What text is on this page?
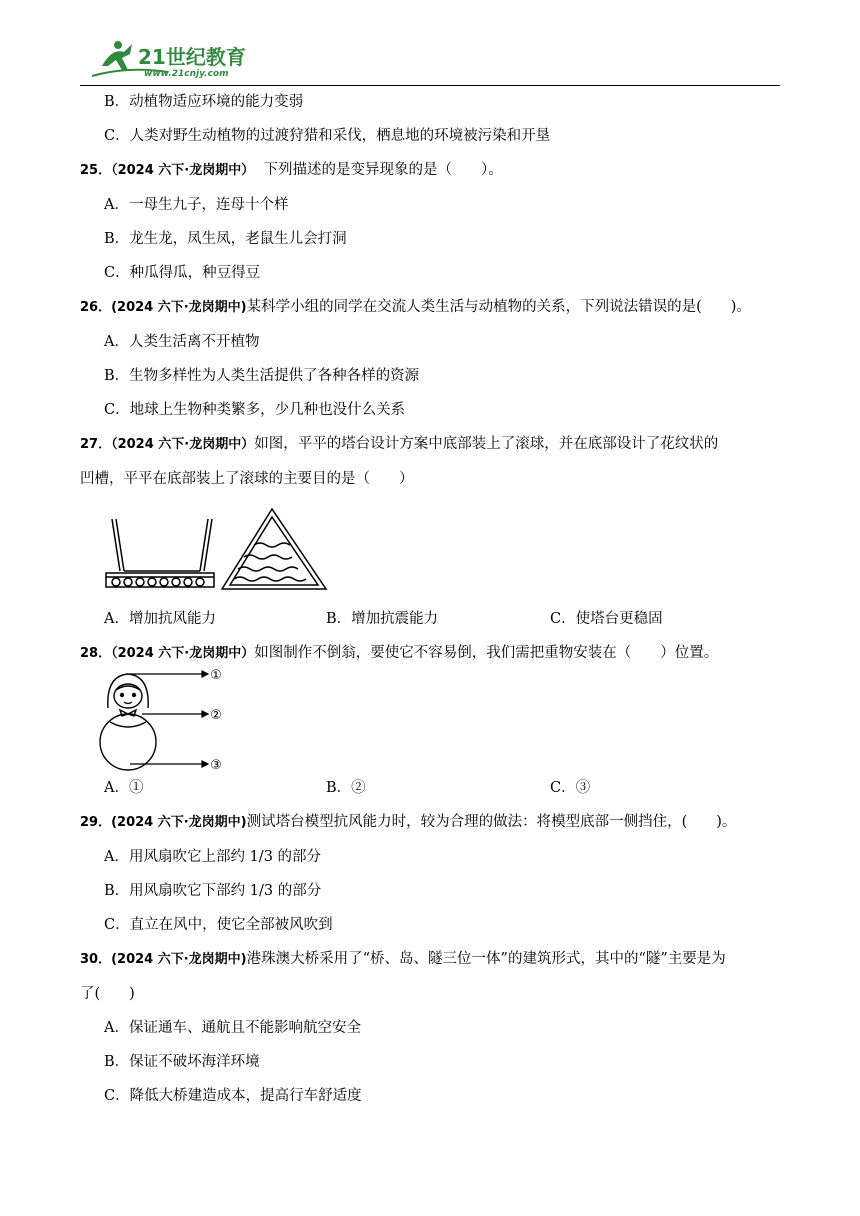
21世纪教育
www.21cnjy.com
B．动植物适应环境的能力变弱
C．人类对野生动植物的过渡狩猎和采伐，栖息地的环境被污染和开垦
25．（2024 六下·龙岗期中） 下列描述的是变异现象的是（　　）。
A．一母生九子，连母十个样
B．龙生龙，凤生凤，老鼠生儿会打洞
C．种瓜得瓜，种豆得豆
26．(2024 六下·龙岗期中)某科学小组的同学在交流人类生活与动植物的关系，下列说法错误的是(　　)。
A．人类生活离不开植物
B．生物多样性为人类生活提供了各种各样的资源
C．地球上生物种类繁多，少几种也没什么关系
27．（2024 六下·龙岗期中）如图，平平的塔台设计方案中底部装上了滚球，并在底部设计了花纹状的
凹槽，平平在底部装上了滚球的主要目的是（　　）
A．增加抗风能力	B．增加抗震能力	C．使塔台更稳固
28．（2024 六下·龙岗期中）如图制作不倒翁，要使它不容易倒，我们需把重物安装在（　　）位置。
①
②
③
A．①	B．②	C．③
29．(2024 六下·龙岗期中)测试塔台模型抗风能力时，较为合理的做法：将模型底部一侧挡住，(　　)。
A．用风扇吹它上部约 1/3 的部分
B．用风扇吹它下部约 1/3 的部分
C．直立在风中，使它全部被风吹到
30．(2024 六下·龙岗期中)港珠澳大桥采用了“桥、岛、隧三位一体”的建筑形式，其中的“隧”主要是为
了(　　)
A．保证通车、通航且不能影响航空安全
B．保证不破坏海洋环境
C．降低大桥建造成本，提高行车舒适度
